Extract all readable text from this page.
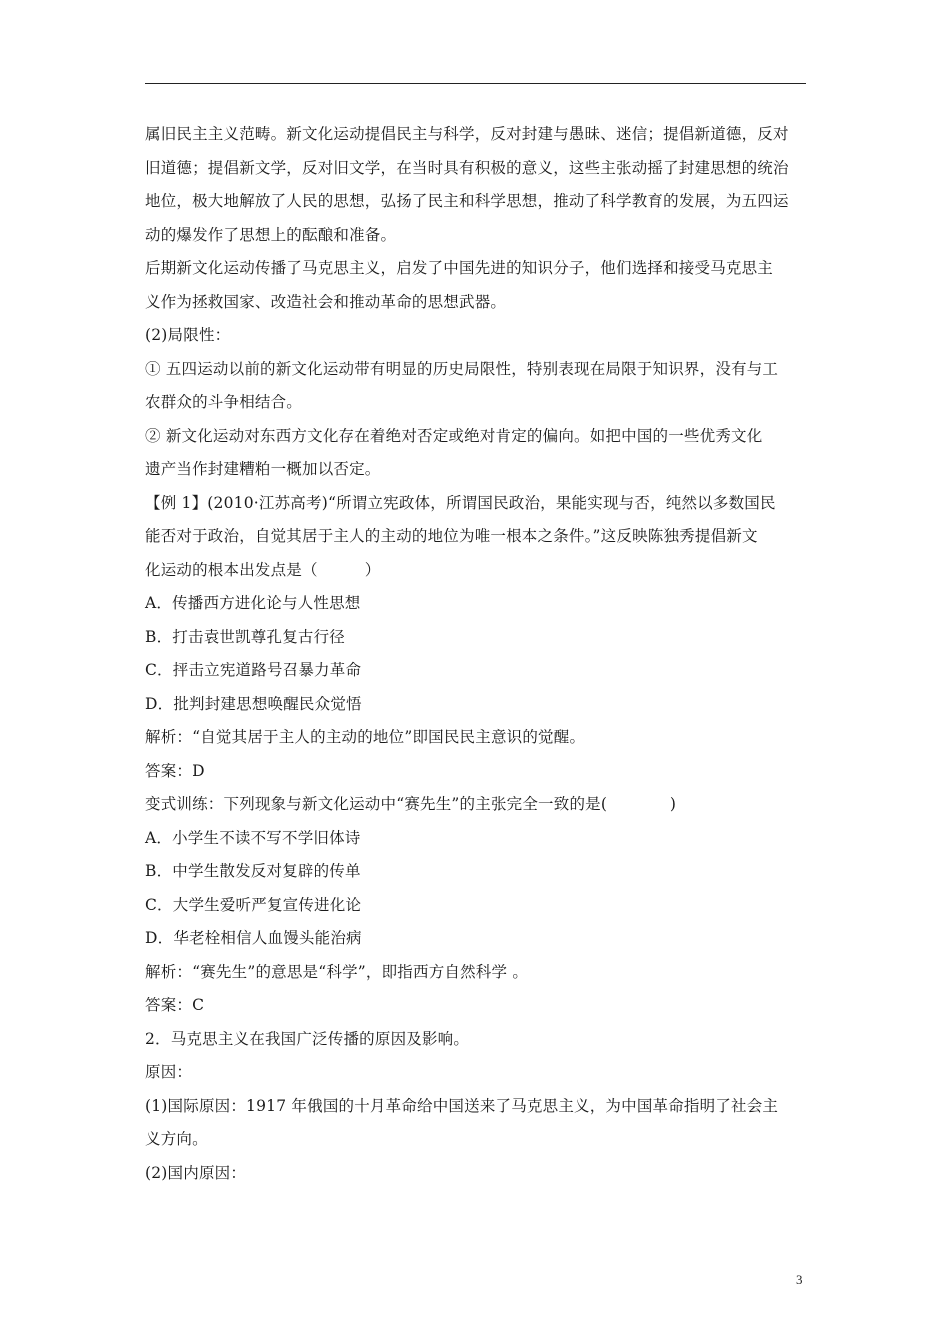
属旧民主主义范畴。新文化运动提倡民主与科学，反对封建与愚昧、迷信；提倡新道德，反对
旧道德；提倡新文学，反对旧文学，在当时具有积极的意义，这些主张动摇了封建思想的统治
地位，极大地解放了人民的思想，弘扬了民主和科学思想，推动了科学教育的发展，为五四运
动的爆发作了思想上的酝酿和准备。
后期新文化运动传播了马克思主义，启发了中国先进的知识分子，他们选择和接受马克思主
义作为拯救国家、改造社会和推动革命的思想武器。
(2)局限性：
① 五四运动以前的新文化运动带有明显的历史局限性，特别表现在局限于知识界，没有与工
农群众的斗争相结合。
② 新文化运动对东西方文化存在着绝对否定或绝对肯定的偏向。如把中国的一些优秀文化
遗产当作封建糟粕一概加以否定。
【例 1】(2010·江苏高考)“所谓立宪政体，所谓国民政治，果能实现与否，纯然以多数国民
能否对于政治，自觉其居于主人的主动的地位为唯一根本之条件。”这反映陈独秀提倡新文
化运动的根本出发点是（　　　）
A．传播西方进化论与人性思想
B．打击袁世凯尊孔复古行径
C．抨击立宪道路号召暴力革命
D．批判封建思想唤醒民众觉悟
解析：“自觉其居于主人的主动的地位”即国民民主意识的觉醒。
答案：D
变式训练：下列现象与新文化运动中“赛先生”的主张完全一致的是(　　　　)
A．小学生不读不写不学旧体诗
B．中学生散发反对复辟的传单
C．大学生爱听严复宣传进化论
D．华老栓相信人血馒头能治病
解析：“赛先生”的意思是“科学”，即指西方自然科学 。
答案：C
2．马克思主义在我国广泛传播的原因及影响。
原因：
(1)国际原因：1917 年俄国的十月革命给中国送来了马克思主义，为中国革命指明了社会主
义方向。
(2)国内原因：
3
